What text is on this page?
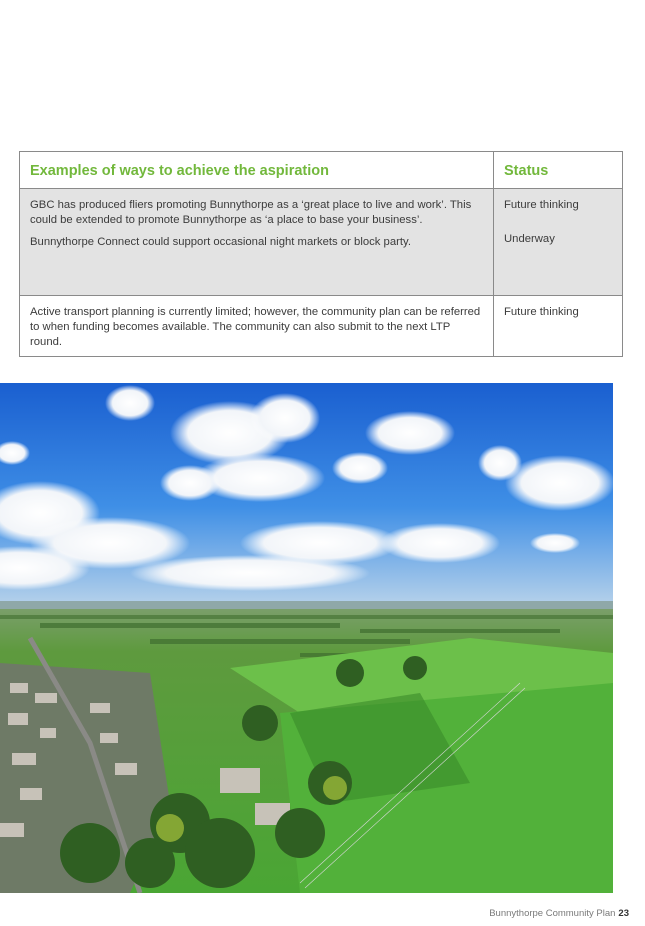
Examples of ways to achieve the aspiration	Status

GBC has produced fliers promoting Bunnythorpe as a ‘great place to live and work’. This could be extended to promote Bunnythorpe as ‘a place to base your business’.

Bunnythorpe Connect could support occasional night markets or block party.

Future thinking
Underway

Active transport planning is currently limited; however, the community plan can be referred to when funding becomes available. The community can also submit to the next LTP round.

Future thinking
Bunnythorpe Community Plan 23
